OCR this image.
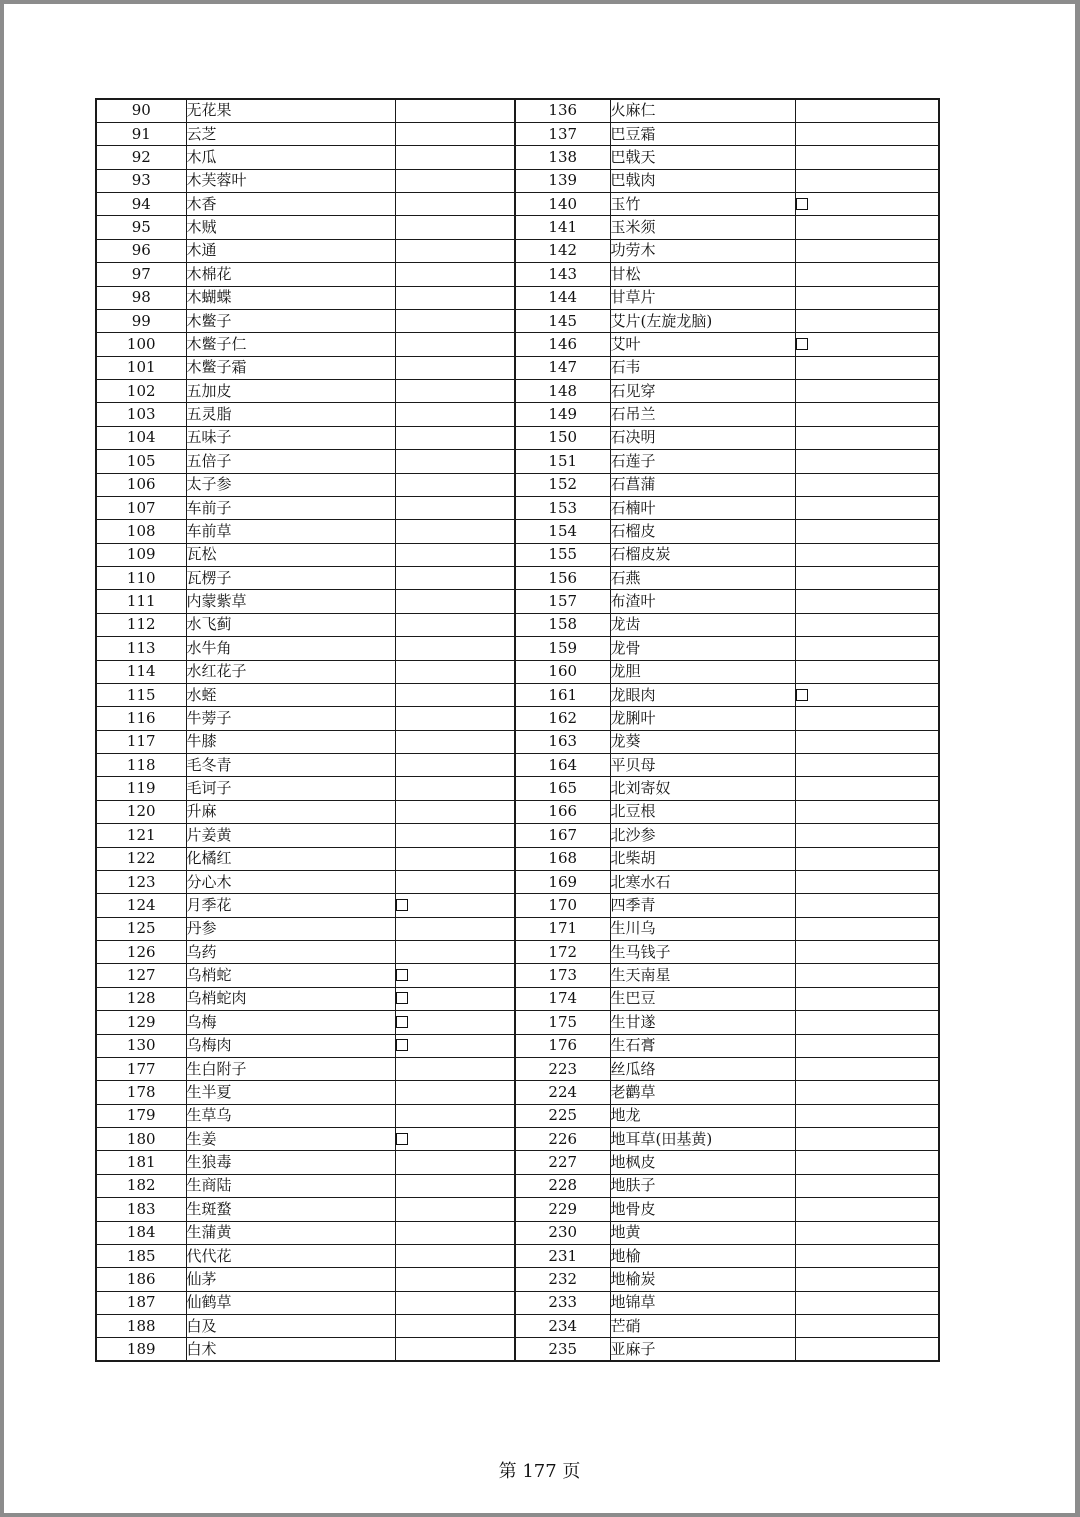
90	无花果		136	火麻仁	
91	云芝		137	巴豆霜	
92	木瓜		138	巴戟天	
93	木芙蓉叶		139	巴戟肉	
94	木香		140	玉竹	
95	木贼		141	玉米须	
96	木通		142	功劳木	
97	木棉花		143	甘松	
98	木蝴蝶		144	甘草片	
99	木鳖子		145	艾片(左旋龙脑)	
100	木鳖子仁		146	艾叶	
101	木鳖子霜		147	石韦	
102	五加皮		148	石见穿	
103	五灵脂		149	石吊兰	
104	五味子		150	石决明	
105	五倍子		151	石莲子	
106	太子参		152	石菖蒲	
107	车前子		153	石楠叶	
108	车前草		154	石榴皮	
109	瓦松		155	石榴皮炭	
110	瓦楞子		156	石燕	
111	内蒙紫草		157	布渣叶	
112	水飞蓟		158	龙齿	
113	水牛角		159	龙骨	
114	水红花子		160	龙胆	
115	水蛭		161	龙眼肉	
116	牛蒡子		162	龙脷叶	
117	牛膝		163	龙葵	
118	毛冬青		164	平贝母	
119	毛诃子		165	北刘寄奴	
120	升麻		166	北豆根	
121	片姜黄		167	北沙参	
122	化橘红		168	北柴胡	
123	分心木		169	北寒水石	
124	月季花		170	四季青	
125	丹参		171	生川乌	
126	乌药		172	生马钱子	
127	乌梢蛇		173	生天南星	
128	乌梢蛇肉		174	生巴豆	
129	乌梅		175	生甘遂	
130	乌梅肉		176	生石膏	
177	生白附子		223	丝瓜络	
178	生半夏		224	老鹳草	
179	生草乌		225	地龙	
180	生姜		226	地耳草(田基黄)	
181	生狼毒		227	地枫皮	
182	生商陆		228	地肤子	
183	生斑蝥		229	地骨皮	
184	生蒲黄		230	地黄	
185	代代花		231	地榆	
186	仙茅		232	地榆炭	
187	仙鹤草		233	地锦草	
188	白及		234	芒硝	
189	白术		235	亚麻子	
第 177 页
